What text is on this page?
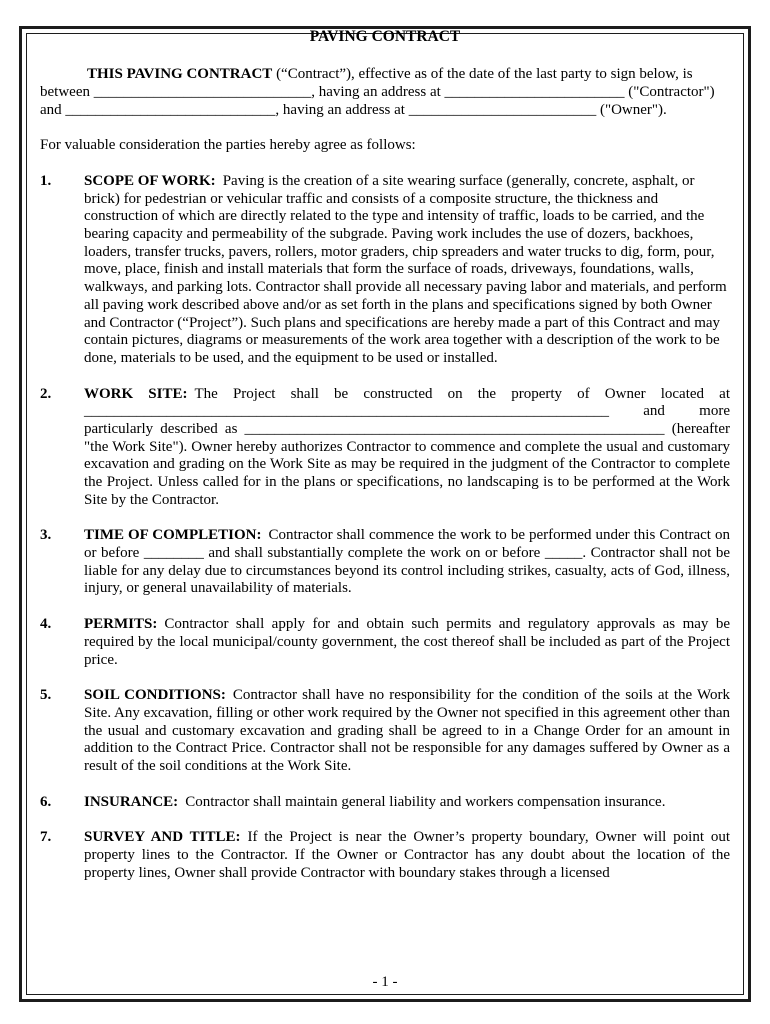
PAVING CONTRACT

THIS PAVING CONTRACT (“Contract”), effective as of the date of the last party to sign below, is between _____________________________, having an address at ________________________ ("Contractor") and ____________________________, having an address at _________________________ ("Owner").

For valuable consideration the parties hereby agree as follows:

1.	SCOPE OF WORK: Paving is the creation of a site wearing surface (generally, concrete, asphalt, or brick) for pedestrian or vehicular traffic and consists of a composite structure, the thickness and construction of which are directly related to the type and intensity of traffic, loads to be carried, and the bearing capacity and permeability of the subgrade. Paving work includes the use of dozers, backhoes, loaders, transfer trucks, pavers, rollers, motor graders, chip spreaders and water trucks to dig, form, pour, move, place, finish and install materials that form the surface of roads, driveways, foundations, walls, walkways, and parking lots. Contractor shall provide all necessary paving labor and materials, and perform all paving work described above and/or as set forth in the plans and specifications signed by both Owner and Contractor (“Project”). Such plans and specifications are hereby made a part of this Contract and may contain pictures, diagrams or measurements of the work area together with a description of the work to be done, materials to be used, and the equipment to be used or installed.

2.	WORK SITE: The Project shall be constructed on the property of Owner located at ______________________________________________________________________ and more particularly described as ________________________________________________________ (hereafter "the Work Site"). Owner hereby authorizes Contractor to commence and complete the usual and customary excavation and grading on the Work Site as may be required in the judgment of the Contractor to complete the Project. Unless called for in the plans or specifications, no landscaping is to be performed at the Work Site by the Contractor.

3.	TIME OF COMPLETION: Contractor shall commence the work to be performed under this Contract on or before ________ and shall substantially complete the work on or before _____. Contractor shall not be liable for any delay due to circumstances beyond its control including strikes, casualty, acts of God, illness, injury, or general unavailability of materials.

4.	PERMITS: Contractor shall apply for and obtain such permits and regulatory approvals as may be required by the local municipal/county government, the cost thereof shall be included as part of the Project price.

5.	SOIL CONDITIONS: Contractor shall have no responsibility for the condition of the soils at the Work Site. Any excavation, filling or other work required by the Owner not specified in this agreement other than the usual and customary excavation and grading shall be agreed to in a Change Order for an amount in addition to the Contract Price. Contractor shall not be responsible for any damages suffered by Owner as a result of the soil conditions at the Work Site.

6.	INSURANCE: Contractor shall maintain general liability and workers compensation insurance.

7.	SURVEY AND TITLE: If the Project is near the Owner’s property boundary, Owner will point out property lines to the Contractor. If the Owner or Contractor has any doubt about the location of the property lines, Owner shall provide Contractor with boundary stakes through a licensed

- 1 -
